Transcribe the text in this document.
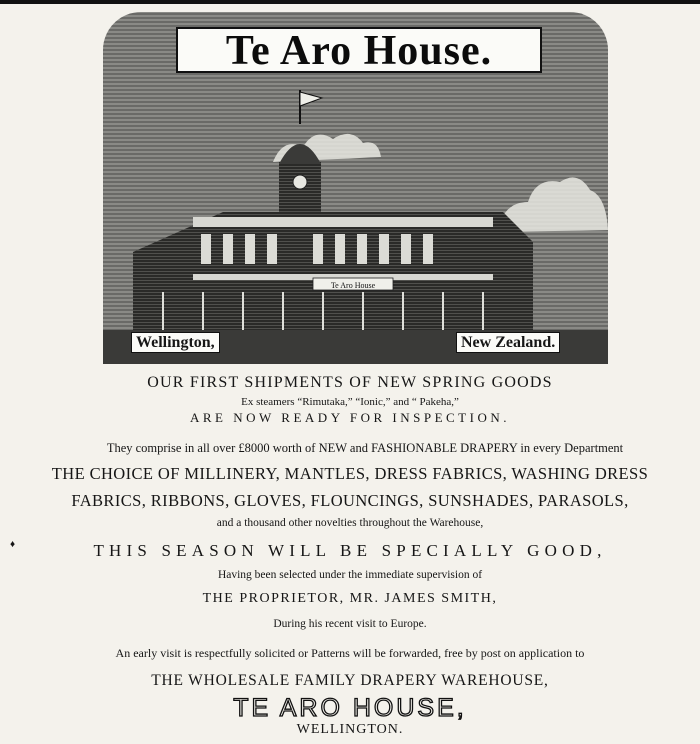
Te Aro House
Te Aro House.
Wellington,	New Zealand.
OUR FIRST SHIPMENTS OF NEW SPRING GOODS
Ex steamers “Rimutaka,” “Ionic,” and “ Pakeha,”
ARE NOW READY FOR INSPECTION.
They comprise in all over £8000 worth of NEW and FASHIONABLE DRAPERY in every Department
THE CHOICE OF MILLINERY, MANTLES, DRESS FABRICS, WASHING DRESS
FABRICS, RIBBONS, GLOVES, FLOUNCINGS, SUNSHADES, PARASOLS,
and a thousand other novelties throughout the Warehouse,
♦	THIS SEASON WILL BE SPECIALLY GOOD,
Having been selected under the immediate supervision of
THE PROPRIETOR, MR. JAMES SMITH,
During his recent visit to Europe.
An early visit is respectfully solicited or Patterns will be forwarded, free by post on application to
THE WHOLESALE FAMILY DRAPERY WAREHOUSE,
TE ARO HOUSE,
WELLINGTON.
